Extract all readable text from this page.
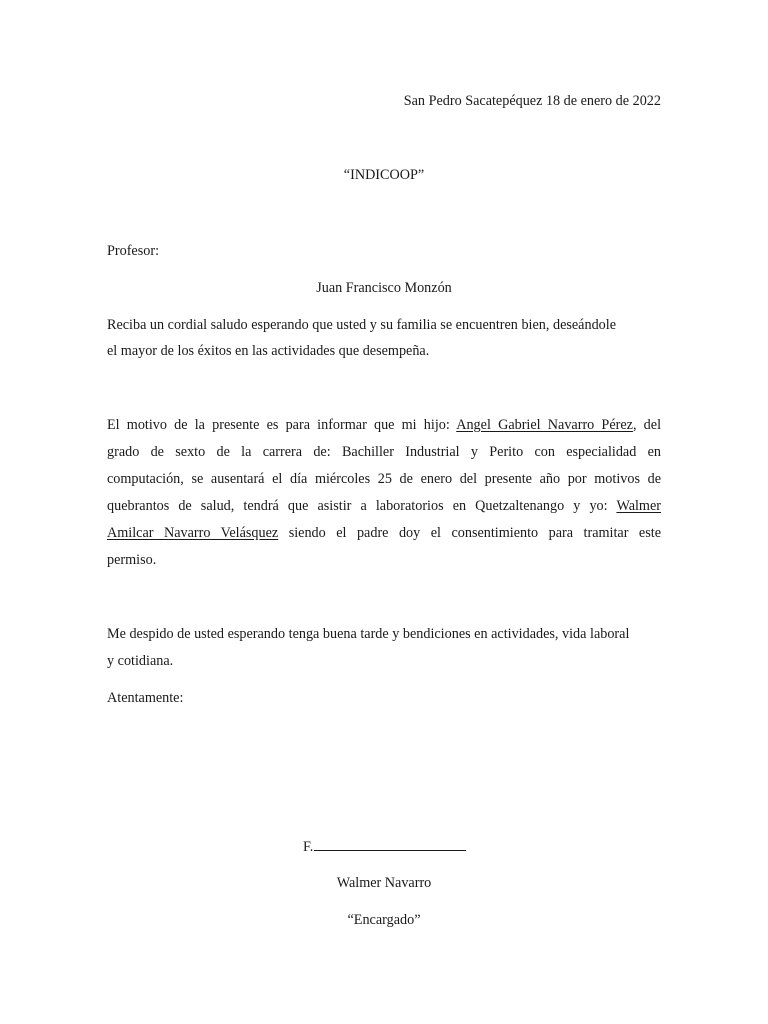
San Pedro Sacatepéquez 18 de enero de 2022
“INDICOOP”
Profesor:
Juan Francisco Monzón
Reciba un cordial saludo esperando que usted y su familia se encuentren bien, deseándole
el mayor de los éxitos en las actividades que desempeña.
El motivo de la presente es para informar que mi hijo: Angel Gabriel Navarro Pérez, del
grado de sexto de la carrera de: Bachiller Industrial y Perito con especialidad en
computación, se ausentará el día miércoles 25 de enero del presente año por motivos de
quebrantos de salud, tendrá que asistir a laboratorios en Quetzaltenango y yo: Walmer
Amilcar Navarro Velásquez siendo el padre doy el consentimiento para tramitar este
permiso.
Me despido de usted esperando tenga buena tarde y bendiciones en actividades, vida laboral
y cotidiana.
Atentamente:
F.
Walmer Navarro
“Encargado”
